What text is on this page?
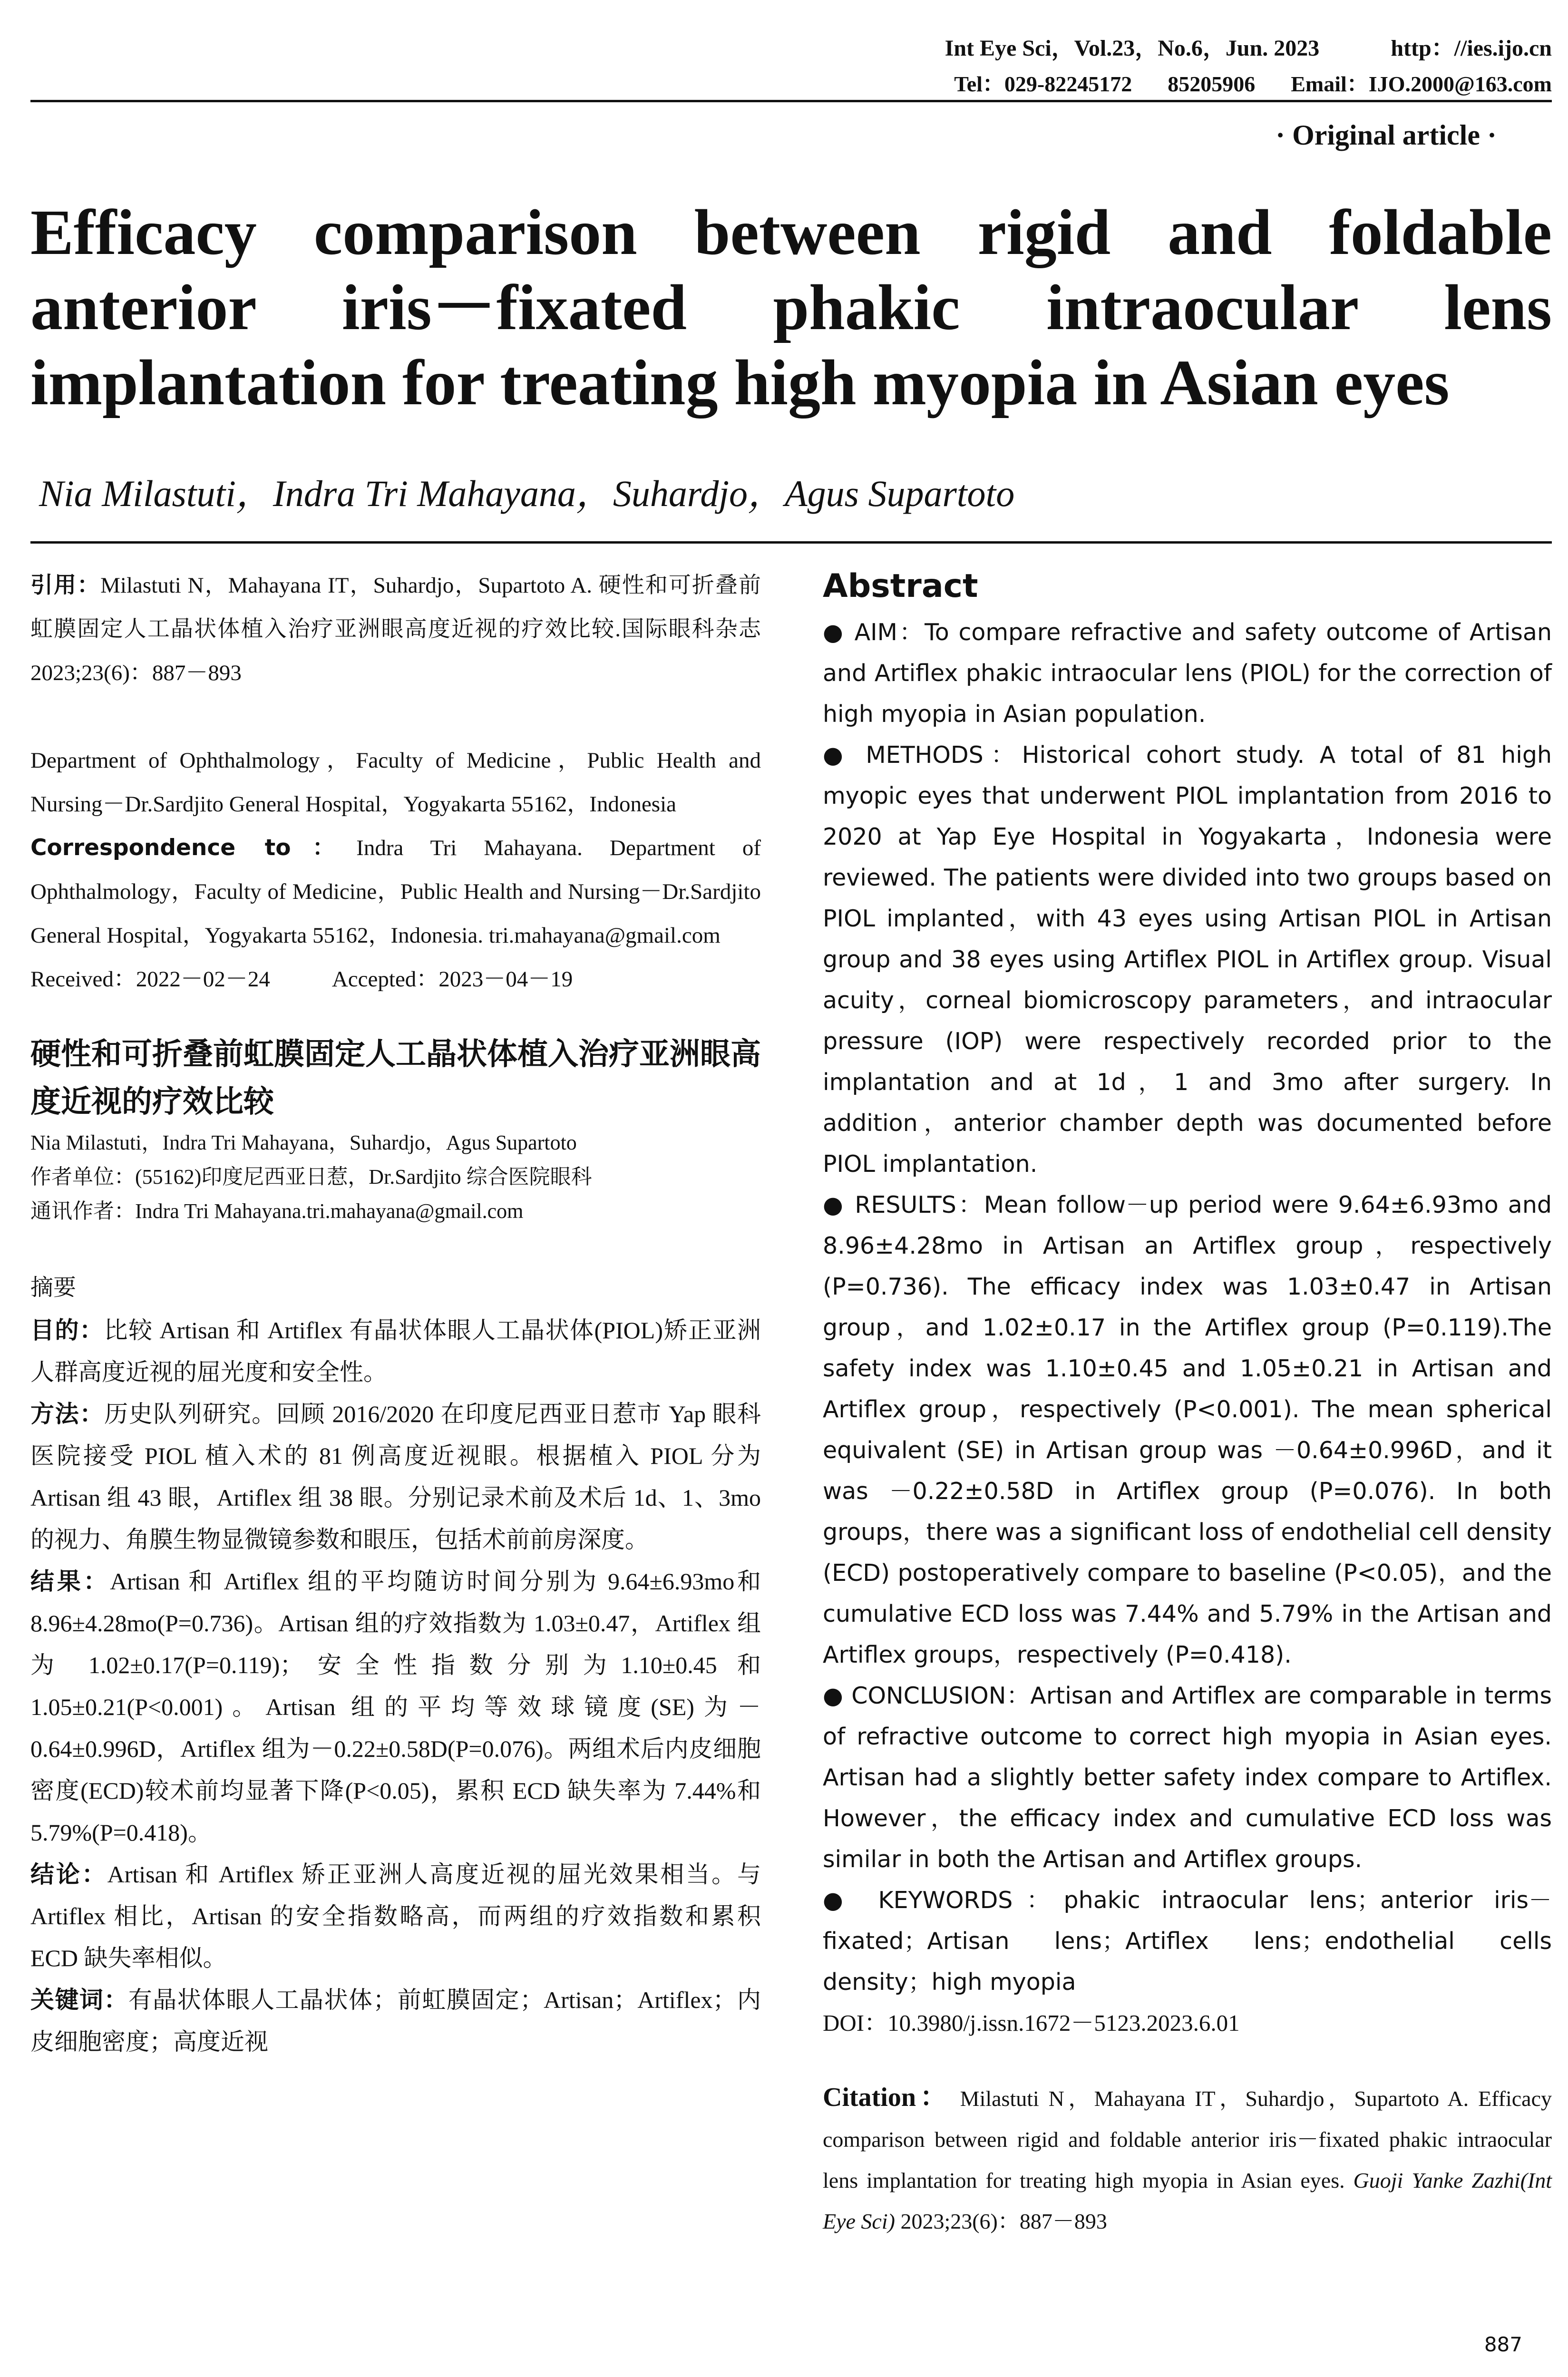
Int Eye Sci，Vol.23，No.6，Jun. 2023	http：//ies.ijo.cn
Tel：029-82245172 85205906 Email：IJO.2000@163.com
· Original article ·
Efficacy comparison between rigid and foldable anterior iris－fixated phakic intraocular lens implantation for treating high myopia in Asian eyes
Nia Milastuti，Indra Tri Mahayana，Suhardjo，Agus Supartoto

引用：Milastuti N，Mahayana IT，Suhardjo，Supartoto A. 硬性和可折叠前虹膜固定人工晶状体植入治疗亚洲眼高度近视的疗效比较.国际眼科杂志 2023;23(6)：887－893

Department of Ophthalmology，Faculty of Medicine，Public Health and Nursing－Dr.Sardjito General Hospital，Yogyakarta 55162，Indonesia

Correspondence to：Indra Tri Mahayana. Department of Ophthalmology，Faculty of Medicine，Public Health and Nursing－Dr.Sardjito General Hospital，Yogyakarta 55162，Indonesia. tri.mahayana@gmail.com

Received：2022－02－24	Accepted：2023－04－19

硬性和可折叠前虹膜固定人工晶状体植入治疗亚洲眼高度近视的疗效比较

Nia Milastuti，Indra Tri Mahayana，Suhardjo，Agus Supartoto

作者单位：(55162)印度尼西亚日惹，Dr.Sardjito 综合医院眼科

通讯作者：Indra Tri Mahayana.tri.mahayana@gmail.com

摘要

目的：比较 Artisan 和 Artiflex 有晶状体眼人工晶状体(PIOL)矫正亚洲人群高度近视的屈光度和安全性。

方法：历史队列研究。回顾 2016/2020 在印度尼西亚日惹市 Yap 眼科医院接受 PIOL 植入术的 81 例高度近视眼。根据植入 PIOL 分为 Artisan 组 43 眼，Artiflex 组 38 眼。分别记录术前及术后 1d、1、3mo 的视力、角膜生物显微镜参数和眼压，包括术前前房深度。

结果：Artisan 和 Artiflex 组的平均随访时间分别为 9.64±6.93mo和 8.96±4.28mo(P=0.736)。Artisan 组的疗效指数为 1.03±0.47，Artiflex 组为 1.02±0.17(P=0.119)；安全性指数分别为1.10±0.45 和 1.05±0.21(P<0.001)。Artisan 组的平均等效球镜度(SE)为－0.64±0.996D，Artiflex 组为－0.22±0.58D(P=0.076)。两组术后内皮细胞密度(ECD)较术前均显著下降(P<0.05)，累积 ECD 缺失率为 7.44%和 5.79%(P=0.418)。

结论：Artisan 和 Artiflex 矫正亚洲人高度近视的屈光效果相当。与 Artiflex 相比，Artisan 的安全指数略高，而两组的疗效指数和累积 ECD 缺失率相似。

关键词：有晶状体眼人工晶状体；前虹膜固定；Artisan；Artiflex；内皮细胞密度；高度近视

Abstract

● AIM：To compare refractive and safety outcome of Artisan and Artiflex phakic intraocular lens (PIOL) for the correction of high myopia in Asian population.

● METHODS：Historical cohort study. A total of 81 high myopic eyes that underwent PIOL implantation from 2016 to 2020 at Yap Eye Hospital in Yogyakarta，Indonesia were reviewed. The patients were divided into two groups based on PIOL implanted，with 43 eyes using Artisan PIOL in Artisan group and 38 eyes using Artiflex PIOL in Artiflex group. Visual acuity，corneal biomicroscopy parameters，and intraocular pressure (IOP) were respectively recorded prior to the implantation and at 1d，1 and 3mo after surgery. In addition，anterior chamber depth was documented before PIOL implantation.

● RESULTS：Mean follow－up period were 9.64±6.93mo and 8.96±4.28mo in Artisan an Artiflex group，respectively (P=0.736). The efficacy index was 1.03±0.47 in Artisan group，and 1.02±0.17 in the Artiflex group (P=0.119).The safety index was 1.10±0.45 and 1.05±0.21 in Artisan and Artiflex group，respectively (P<0.001). The mean spherical equivalent (SE) in Artisan group was －0.64±0.996D，and it was －0.22±0.58D in Artiflex group (P=0.076). In both groups，there was a significant loss of endothelial cell density (ECD) postoperatively compare to baseline (P<0.05)，and the cumulative ECD loss was 7.44% and 5.79% in the Artisan and Artiflex groups，respectively (P=0.418).

● CONCLUSION：Artisan and Artiflex are comparable in terms of refractive outcome to correct high myopia in Asian eyes. Artisan had a slightly better safety index compare to Artiflex. However，the efficacy index and cumulative ECD loss was similar in both the Artisan and Artiflex groups.

● KEYWORDS：phakic intraocular lens；anterior iris－fixated；Artisan lens；Artiflex lens；endothelial cells density；high myopia

DOI：10.3980/j.issn.1672－5123.2023.6.01

Citation： Milastuti N，Mahayana IT，Suhardjo，Supartoto A. Efficacy comparison between rigid and foldable anterior iris－fixated phakic intraocular lens implantation for treating high myopia in Asian eyes. Guoji Yanke Zazhi(Int Eye Sci) 2023;23(6)：887－893

887
